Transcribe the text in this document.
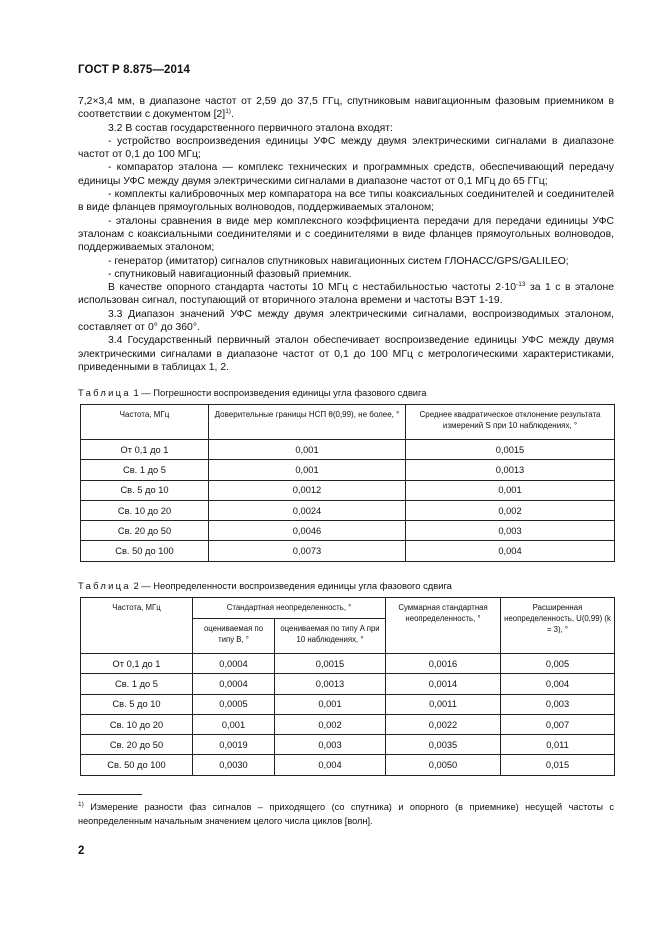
ГОСТ Р 8.875—2014

7,2×3,4 мм, в диапазоне частот от 2,59 до 37,5 ГГц, спутниковым навигационным фазовым приемником в соответствии с документом $[2]^{1)}$.

3.2 В состав государственного первичного эталона входят:

- устройство воспроизведения единицы УФС между двумя электрическими сигналами в диапазоне частот от 0,1 до 100 МГц;

- компаратор эталона — комплекс технических и программных средств, обеспечивающий передачу единицы УФС между двумя электрическими сигналами в диапазоне частот от 0,1 МГц до 65 ГГц;

- комплекты калибровочных мер компаратора на все типы коаксиальных соединителей и соединителей в виде фланцев прямоугольных волноводов, поддерживаемых эталоном;

- эталоны сравнения в виде мер комплексного коэффициента передачи для передачи единицы УФС эталонам с коаксиальными соединителями и с соединителями в виде фланцев прямоугольных волноводов, поддерживаемых эталоном;

- генератор (имитатор) сигналов спутниковых навигационных систем ГЛОНАСС/GPS/GALILEO;

- спутниковый навигационный фазовый приемник.

В качестве опорного стандарта частоты 10 МГц с нестабильностью частоты $2\cdot 10^{-13}$ за 1 с в эталоне использован сигнал, поступающий от вторичного эталона времени и частоты ВЭТ 1-19.

3.3 Диапазон значений УФС между двумя электрическими сигналами, воспроизводимых эталоном, составляет от 0° до 360°.

3.4 Государственный первичный эталон обеспечивает воспроизведение единицы УФС между двумя электрическими сигналами в диапазоне частот от 0,1 до 100 МГц с метрологическими характеристиками, приведенными в таблицах 1, 2.

Таблица 1 — Погрешности воспроизведения единицы угла фазового сдвига
Частота, МГц	Доверительные границы НСП θ(0,99), не более, °	Среднее квадратическое отклонение результата измерений S при 10 наблюдениях, °
От 0,1 до 1	0,001	0,0015
Св. 1 до 5	0,001	0,0013
Св. 5 до 10	0,0012	0,001
Св. 10 до 20	0,0024	0,002
Св. 20 до 50	0,0046	0,003
Св. 50 до 100	0,0073	0,004
Таблица 2 — Неопределенности воспроизведения единицы угла фазового сдвига
Частота, МГц	Стандартная неопределенность, °		Суммарная стандартная неопределенность, °	Расширенная неопределенность, U(0,99) (k = 3), °
	оцениваемая по типу B, °	оцениваемая по типу A при 10 наблюдениях, °		
От 0,1 до 1	0,0004	0,0015	0,0016	0,005
Св. 1 до 5	0,0004	0,0013	0,0014	0,004
Св. 5 до 10	0,0005	0,001	0,0011	0,003
Св. 10 до 20	0,001	0,002	0,0022	0,007
Св. 20 до 50	0,0019	0,003	0,0035	0,011
Св. 50 до 100	0,0030	0,004	0,0050	0,015
$^{1)}$ Измерение разности фаз сигналов – приходящего (со спутника) и опорного (в приемнике) несущей частоты с неопределенным начальным значением целого числа циклов [волн].
2
